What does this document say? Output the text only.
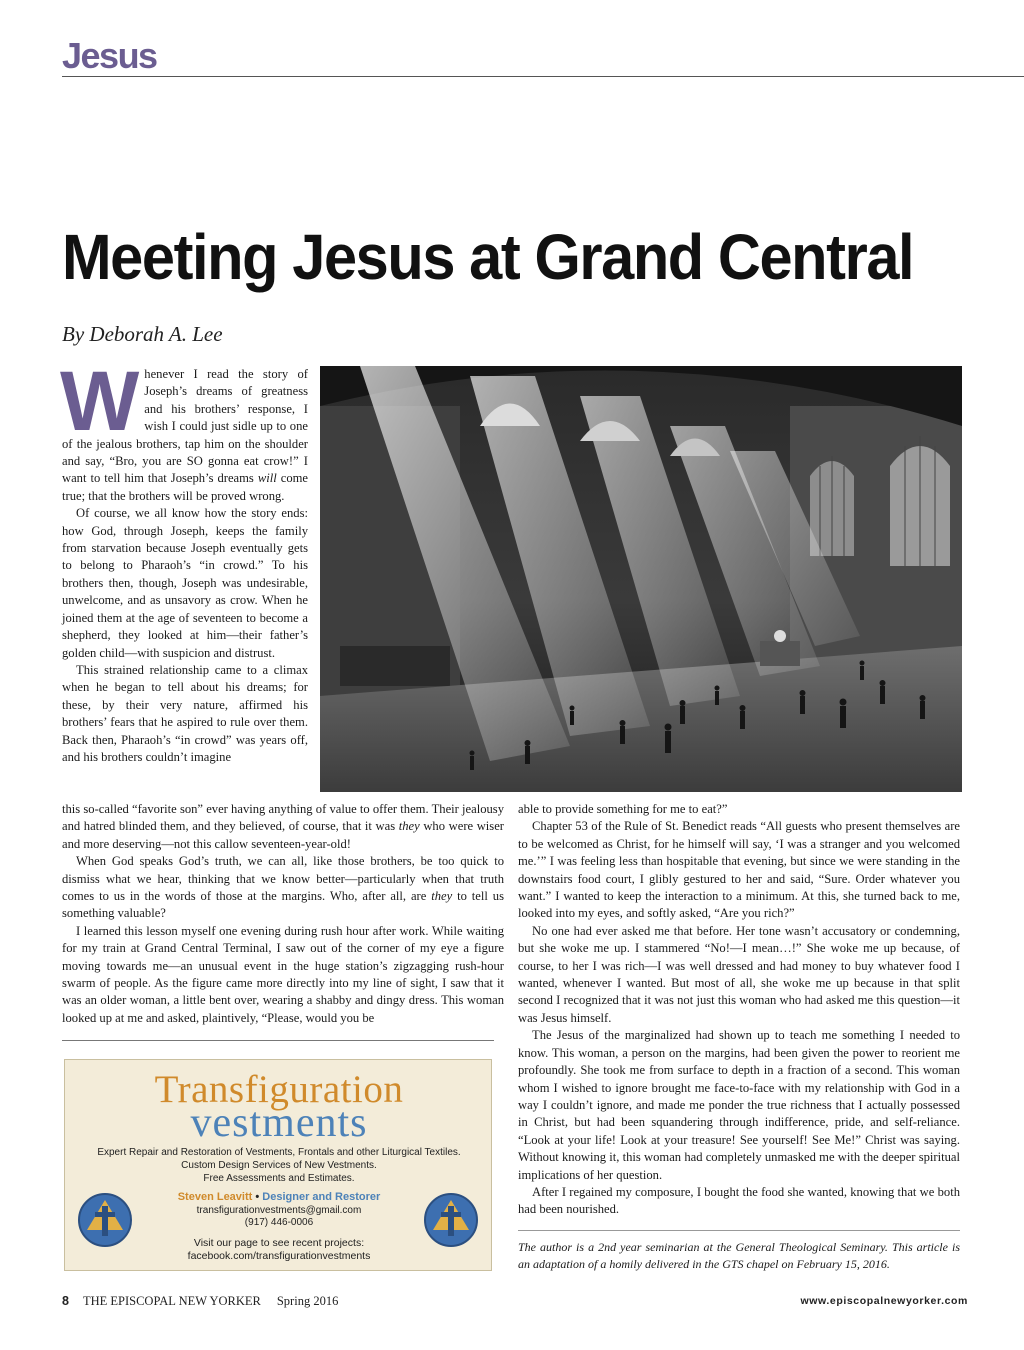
Jesus
Meeting Jesus at Grand Central
By Deborah A. Lee

Whenever I read the story of Joseph’s dreams of greatness and his brothers’ response, I wish I could just sidle up to one of the jealous brothers, tap him on the shoulder and say, “Bro, you are SO gonna eat crow!” I want to tell him that Joseph’s dreams will come true; that the brothers will be proved wrong.

Of course, we all know how the story ends: how God, through Joseph, keeps the family from starvation because Joseph eventually gets to belong to Pharaoh’s “in crowd.” To his brothers then, though, Joseph was undesirable, unwelcome, and as unsavory as crow. When he joined them at the age of seventeen to become a shepherd, they looked at him—their father’s golden child—with suspicion and distrust.

This strained relationship came to a climax when he began to tell about his dreams; for these, by their very nature, affirmed his brothers’ fears that he aspired to rule over them. Back then, Pharaoh’s “in crowd” was years off, and his brothers couldn’t imagine

this so-called “favorite son” ever having anything of value to offer them. Their jealousy and hatred blinded them, and they believed, of course, that it was they who were wiser and more deserving—not this callow seventeen-year-old!

When God speaks God’s truth, we can all, like those brothers, be too quick to dismiss what we hear, thinking that we know better—particularly when that truth comes to us in the words of those at the margins. Who, after all, are they to tell us something valuable?

I learned this lesson myself one evening during rush hour after work. While waiting for my train at Grand Central Terminal, I saw out of the corner of my eye a figure moving towards me—an unusual event in the huge station’s zigzagging rush-hour swarm of people. As the figure came more directly into my line of sight, I saw that it was an older woman, a little bent over, wearing a shabby and dingy dress. This woman looked up at me and asked, plaintively, “Please, would you be

able to provide something for me to eat?”

Chapter 53 of the Rule of St. Benedict reads “All guests who present themselves are to be welcomed as Christ, for he himself will say, ‘I was a stranger and you welcomed me.’” I was feeling less than hospitable that evening, but since we were standing in the downstairs food court, I glibly gestured to her and said, “Sure. Order whatever you want.” I wanted to keep the interaction to a minimum. At this, she turned back to me, looked into my eyes, and softly asked, “Are you rich?”

No one had ever asked me that before. Her tone wasn’t accusatory or condemning, but she woke me up. I stammered “No!—I mean…!” She woke me up because, of course, to her I was rich—I was well dressed and had money to buy whatever food I wanted, whenever I wanted. But most of all, she woke me up because in that split second I recognized that it was not just this woman who had asked me this question—it was Jesus himself.

The Jesus of the marginalized had shown up to teach me something I needed to know. This woman, a person on the margins, had been given the power to reorient me profoundly. She took me from surface to depth in a fraction of a second. This woman whom I wished to ignore brought me face-to-face with my relationship with God in a way I couldn’t ignore, and made me ponder the true richness that I actually possessed in Christ, but had been squandering through indifference, pride, and self-reliance. “Look at your life! Look at your treasure! See yourself! See Me!” Christ was saying. Without knowing it, this woman had completely unmasked me with the deeper spiritual implications of her question.

After I regained my composure, I bought the food she wanted, knowing that we both had been nourished.

Transfiguration
vestments
Expert Repair and Restoration of Vestments, Frontals and other Liturgical Textiles.
Custom Design Services of New Vestments.
Free Assessments and Estimates.
Steven Leavitt • Designer and Restorer
transfigurationvestments@gmail.com
(917) 446-0006
Visit our page to see recent projects:
facebook.com/transfigurationvestments
The author is a 2nd year seminarian at the General Theological Seminary. This article is an adaptation of a homily delivered in the GTS chapel on February 15, 2016.
8 THE EPISCOPAL NEW YORKER Spring 2016	www.episcopalnewyorker.com
